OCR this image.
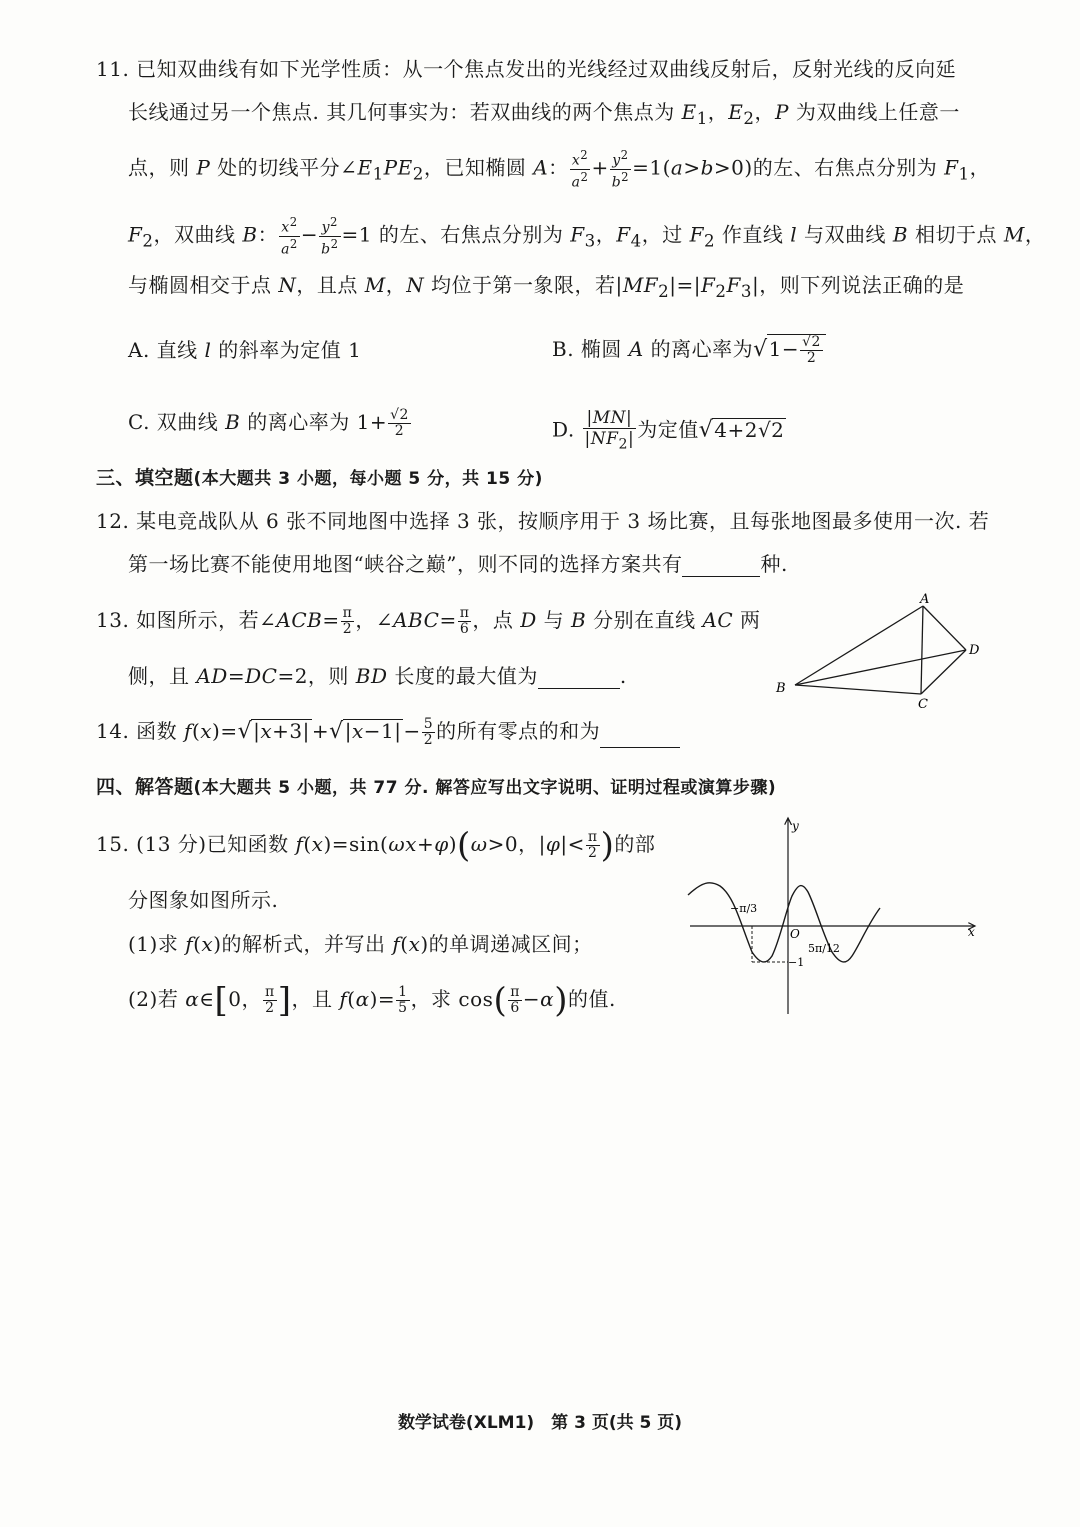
11. 已知双曲线有如下光学性质：从一个焦点发出的光线经过双曲线反射后，反射光线的反向延
长线通过另一个焦点. 其几何事实为：若双曲线的两个焦点为 $E_1$，$E_2$，P 为双曲线上任意一
点，则 P 处的切线平分$\angle E_1PE_2$，已知椭圆 A： $\frac{x^2}{a^2} + \frac{y^2}{b^2} =1(a>b>0)$的左、右焦点分别为 $F_1$，
$F_2$，双曲线 B： $\frac{x^2}{a^2} - \frac{y^2}{b^2} =1$ 的左、右焦点分别为 $F_3$，$F_4$，过 $F_2$ 作直线 l 与双曲线 B 相切于点 M，
与椭圆相交于点 N，且点 M，N 均位于第一象限，若$|MF_2|=|F_2F_3|$，则下列说法正确的是
A. 直线 l 的斜率为定值 1	B. 椭圆 A 的离心率为$√1- \frac{√2}{2}$
C. 双曲线 B 的离心率为 $1+ \frac{√2}{2}$	D. $\frac{|MN|}{|NF_2|}$ 为定值√4+2√2
三、填空题(本大题共 3 小题，每小题 5 分，共 15 分)
12. 某电竞战队从 6 张不同地图中选择 3 张，按顺序用于 3 场比赛，且每张地图最多使用一次. 若
第一场比赛不能使用地图“峡谷之巅”，则不同的选择方案共有	种.
13. 如图所示，若∠ACB= $\frac{\pi}{2}$ ，∠ABC= $\frac{\pi}{6}$ ，点 D 与 B 分别在直线 AC 两
侧，且 AD=DC=2，则 BD 长度的最大值为	.
A
B
C
D
14. 函数 $f(x)=√|x+3| +√|x-1| - \frac{5}{2}$ 的所有零点的和为
四、解答题(本大题共 5 小题，共 77 分. 解答应写出文字说明、证明过程或演算步骤)
15. (13 分)已知函数 f(x)=sin(ωx+φ)(ω>0，$|\varphi|< \frac{\pi}{2}$ )的部
分图象如图所示.
(1)求 f(x)的解析式，并写出 f(x)的单调递减区间；
(2)若 α∈[0， $\frac{\pi}{2}$ ]，且 $f(\alpha)= \frac{1}{5}$ ，求 $\cos( \frac{\pi}{6} -\alpha)$的值.
y
x
O
−1
−π/3
5π/12
数学试卷(XLM1)　第 3 页(共 5 页)
